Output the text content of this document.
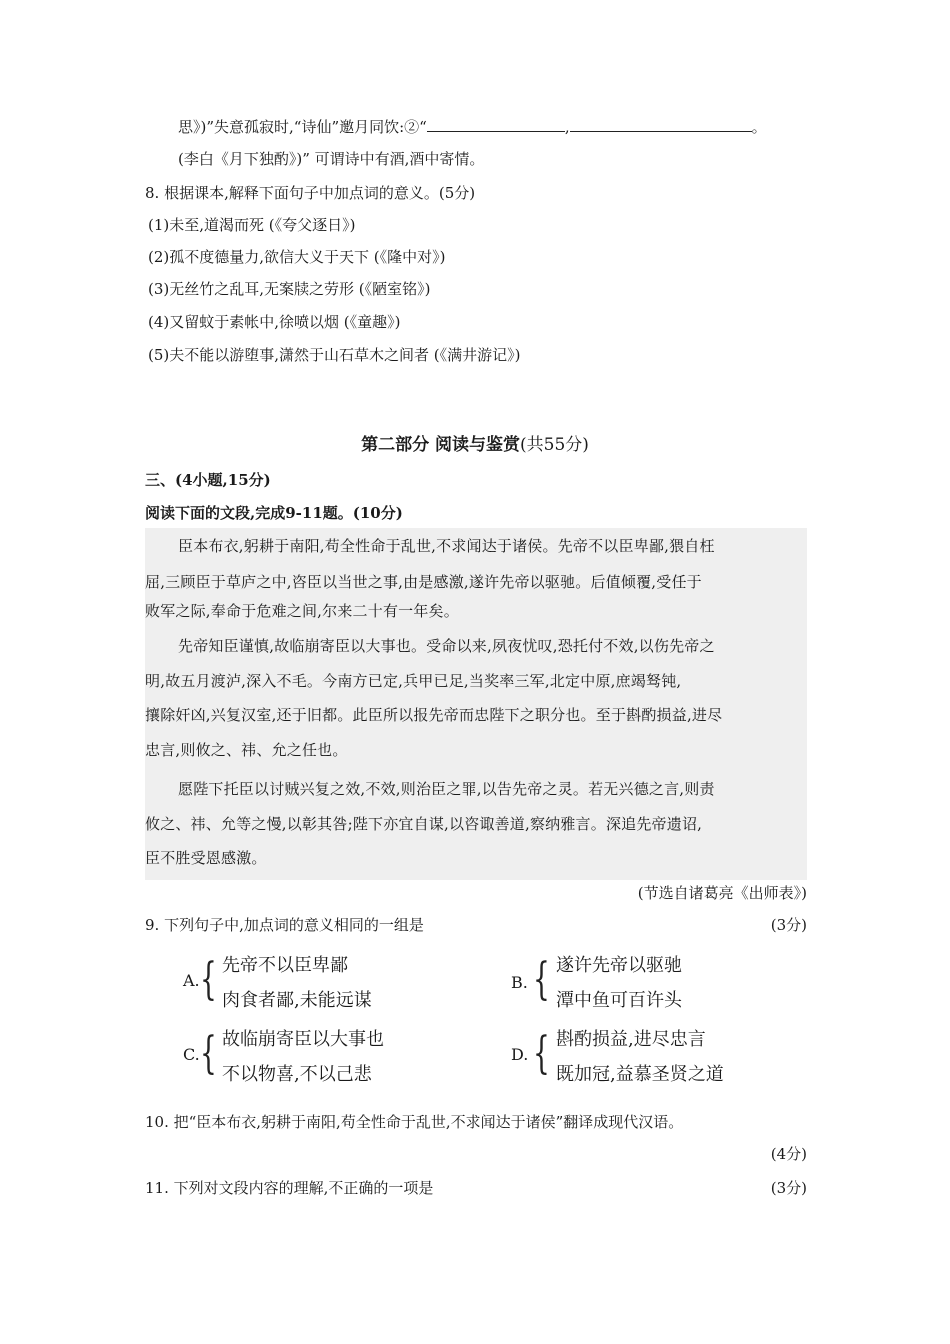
思》)”失意孤寂时,“诗仙”邀月同饮:②“	,	。
(李白《月下独酌》)” 可谓诗中有酒,酒中寄情。
8. 根据课本,解释下面句子中加点词的意义。(5分)
(1)未至,道渴而死 (《夸父逐日》)
(2)孤不度德量力,欲信大义于天下 (《隆中对》)
(3)无丝竹之乱耳,无案牍之劳形 (《陋室铭》)
(4)又留蚊于素帐中,徐喷以烟 (《童趣》)
(5)夫不能以游堕事,潇然于山石草木之间者 (《满井游记》)
第二部分 阅读与鉴赏(共55分)
三、(4小题,15分)
阅读下面的文段,完成9-11题。(10分)
臣本布衣,躬耕于南阳,苟全性命于乱世,不求闻达于诸侯。先帝不以臣卑鄙,猥自枉
屈,三顾臣于草庐之中,咨臣以当世之事,由是感激,遂许先帝以驱驰。后值倾覆,受任于
败军之际,奉命于危难之间,尔来二十有一年矣。
先帝知臣谨慎,故临崩寄臣以大事也。受命以来,夙夜忧叹,恐托付不效,以伤先帝之
明,故五月渡泸,深入不毛。今南方已定,兵甲已足,当奖率三军,北定中原,庶竭驽钝,
攘除奸凶,兴复汉室,还于旧都。此臣所以报先帝而忠陛下之职分也。至于斟酌损益,进尽
忠言,则攸之、祎、允之任也。
愿陛下托臣以讨贼兴复之效,不效,则治臣之罪,以告先帝之灵。若无兴德之言,则责
攸之、祎、允等之慢,以彰其咎;陛下亦宜自谋,以咨诹善道,察纳雅言。深追先帝遗诏,
臣不胜受恩感激。
(节选自诸葛亮《出师表》)
9. 下列句子中,加点词的意义相同的一组是	(3分)
A. { 先帝不以臣卑鄙
肉食者鄙,未能远谋
B. { 遂许先帝以驱驰
潭中鱼可百许头
C. { 故临崩寄臣以大事也
不以物喜,不以己悲
D. { 斟酌损益,进尽忠言
既加冠,益慕圣贤之道
10. 把“臣本布衣,躬耕于南阳,苟全性命于乱世,不求闻达于诸侯”翻译成现代汉语。
(4分)
11. 下列对文段内容的理解,不正确的一项是	(3分)
